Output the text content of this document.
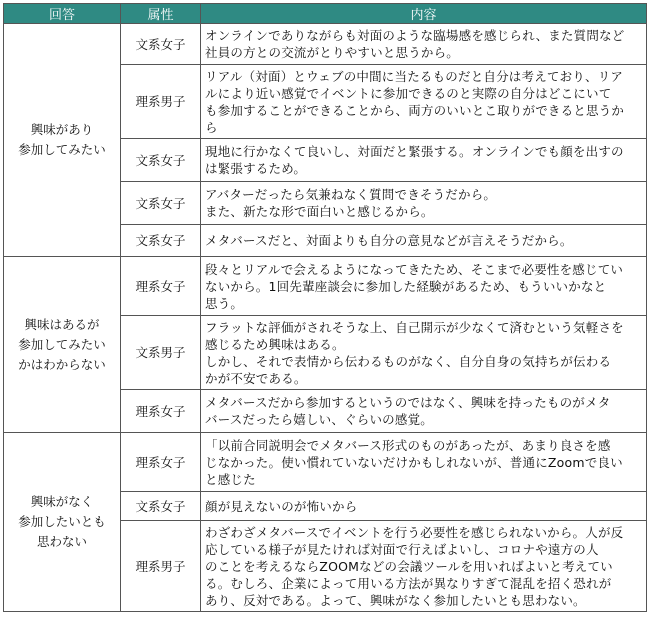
回答	属性	内容

興味があり
参加してみたい	文系女子	オンラインでありながらも対面のような臨場感を感じられ、また質問など
社員の方との交流がとりやすいと思うから。

	理系男子	リアル（対面）とウェブの中間に当たるものだと自分は考えており、リア
ルにより近い感覚でイベントに参加できるのと実際の自分はどこにいて
も参加することができることから、両方のいいとこ取りができると思うか
ら

	文系女子	現地に行かなくて良いし、対面だと緊張する。オンラインでも顔を出すの
は緊張するため。

	文系女子	アバターだったら気兼ねなく質問できそうだから。
また、新たな形で面白いと感じるから。

	文系女子	メタバースだと、対面よりも自分の意見などが言えそうだから。

興味はあるが
参加してみたい
かはわからない	理系女子	段々とリアルで会えるようになってきたため、そこまで必要性を感じてい
ないから。1回先輩座談会に参加した経験があるため、もういいかなと
思う。

	文系男子	フラットな評価がされそうな上、自己開示が少なくて済むという気軽さを
感じるため興味はある。
しかし、それで表情から伝わるものがなく、自分自身の気持ちが伝わる
かが不安である。

	理系女子	メタバースだから参加するというのではなく、興味を持ったものがメタ
バースだったら嬉しい、ぐらいの感覚。

興味がなく
参加したいとも
思わない	理系女子	「以前合同説明会でメタバース形式のものがあったが、あまり良さを感
じなかった。使い慣れていないだけかもしれないが、普通にZoomで良い
と感じた

	文系女子	顔が見えないのが怖いから

	理系男子	わざわざメタバースでイベントを行う必要性を感じられないから。人が反
応している様子が見たければ対面で行えばよいし、コロナや遠方の人
のことを考えるならZOOMなどの会議ツールを用いればよいと考えてい
る。むしろ、企業によって用いる方法が異なりすぎて混乱を招く恐れが
あり、反対である。よって、興味がなく参加したいとも思わない。
